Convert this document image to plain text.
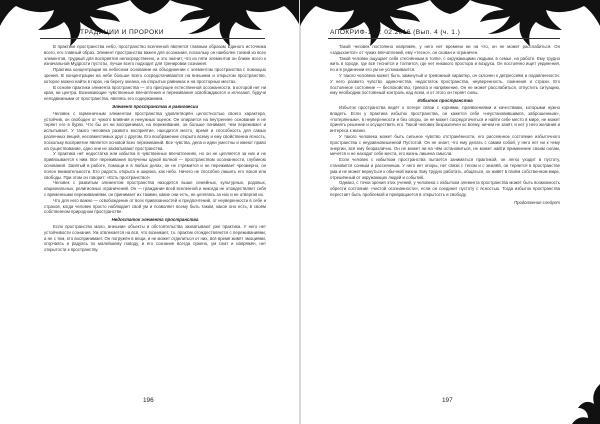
ТРАДИЦИИ И ПРОРОКИ

В практике пространства небо, пространство вселенной является главным образом Единого источника всего, его главный образ. Элемент пространства важен для осознания, поскольку он наиболее тонкий из всех элементов, трудный для восприятия непосредственно, и это значит, что из пяти элементов он ближе всего к изначальной Мудрости пустоты, лучше всего подходит для тренировки сознания.

Практика концентрации на небесном основании на объединении с элементом пространства с помощью зрения. В концентрации на небе больше всего сосредотачиваются на внешнем и открытом пространстве, которое можно найти в горах, на берегу океана, на открытых равнинах и на просторных местах.

В основе практики элемента пространства — это присущее естественной осознанности, в которой нет ни края, ни центра. Возникающие чувственные впечатления и переживания освобождаются и исчезают, будучи неподвижными от пространства, являясь его содержанием.

Элемент пространства в равновесии

Человек с гармоничным элементом пространства удовлетворён целостностью своего характера, устойчив, он свободен от чужого влияния и ненужных оценок. Он опирается на внутреннее основание и не теряет его в бурях. Что бы он ни воспринимал, на переживания, он больше понимает, чем переживает и испытывает. У такого человека развито восприятие, находится место, время и способность для самых различных вещей, несовместимых друг с другом. Его воображение открыто всему и ему свойственна ясность, поскольку восприятие является основой всех переживаний. Все чувства, дела и идеи уместны и имеют право на существование, одно они не захватывают пространства.

У практика нет недостатка или избытка в чувственных впечатлениях, но он не цепляется за них и не привязывается к ним. Все переживания получены одной волной — пространством осознанности, глубиною основания. Занятый в работе, помощи и в любых делах, он не стремится и не переживает чрезмерно, он полон внимательности. Его радость открыта и широка, как небо. Ничего не способно лишить его покоя или свободы. При этом он говорит: «Есть пространство!»

Человек с развитым элементом пространства находится выше семейных, культурных, родовых, национальных, религиозных ограничений. Он — гражданин всей вселенной и никогда не отождествляет себя с временными переживаниями, он принимает их такими, какие они есть, не цепляясь за них и не отвергая их.

Что для него важно — освобождение от всех привязанностей и предпочтений, от неуверенности в себе и страхов, когда человек просто наблюдает свой ум и позволяет всему быть таким, какое оно есть, в своём собственном природном пространстве.

Недостаток элемента пространства

Если пространство мало, внешние объекты и обстоятельства захватывают уже практика. У него нет устойчивости сознания. Ум отвлекается на всё, что возникает, т.к. практик отождествляется с переживаниями, а не с тем, кто воспринимает. Он погружён в вещи, и не может отделиться от них, всё время живёт эмоциями, огорчаясь и радуясь по малейшему поводу, и его сознание всегда сужено, ум сжат и напряжён, нет открытости к пространству.

196
АПОКРИФ-100: 02.2016 (Вып. 4 (ч. 1.)

Такой человек постоянно напряжён, у него нет времени ни на что, он не может расслабиться. Он «задыхается» от чужих впечатлений, ему «тесно», он скован и ограничен.

Такой человек ощущает себя стеснённым в толпе, с окружающими людьми, в семье, на работе. Ему трудно жить в городе, где всё теснится и толпится, где нет никакого простора и воздуха. Он постоянно ищет уединения, но и в уединении его ум не успокаивается.

У такого человека может быть замкнутый и тревожный характер, он склонен к депрессиям и подавленности. У него развито чувство одиночества, недостаток пространства, неуверенность, сомнения и страхи. Его постоянное состояние — беспокойство, тревога и напряжение. Он не может расслабиться, отпустить ситуацию, ему необходим постоянный контроль над всем, и от этого он теряет силы.

Избыток пространства

Избыток пространства ведёт к потере связи с корнями, проявлениями и качествами, которыми нужно владеть. Если у практика избыток пространства, он кажется себе «неустановившимся, заброшенным», «потерянным», в неуверенности и без опоры, он не может сосредоточиться и найти себе место в мире, не может принять решение и осуществить его. Такой человек безразличен ко всему, ничем не занят, и нет у него желания и интереса к жизни.

У такого человека может быть сильное чувство отстранённости, его рассеянное состояние избыточного пространства с неуравновешенной Пустотой. Он не знает, что ему делать с самим собой, у него нет ни к чему энергии, всё ему безразлично. Он не может ни на чём остановиться, не может найти применение своим силам, мечется и не находит себе места, его жизнь лишена смысла.

Если человек с избытком пространства пытается заниматься практикой, он легко уходит в пустоту, становится сонным и рассеянным. У него нет опоры, нет связи с телом и с землёй, он теряется в пространстве ума и не может вернуться к обычной жизни. Ему трудно работать, общаться, он живёт в своём собственном мире, отрешённый от окружающих людей и событий.

Однако, с точки зрения этих учений, у человека с избытком элемента пространства может быть возможность обрести состояние «чистой осознанности», если он соединит пустоту с ясностью. Тогда избыток пространства перестаёт быть проблемой и превращается в открытость и свободу.

Продолжение следует

197
